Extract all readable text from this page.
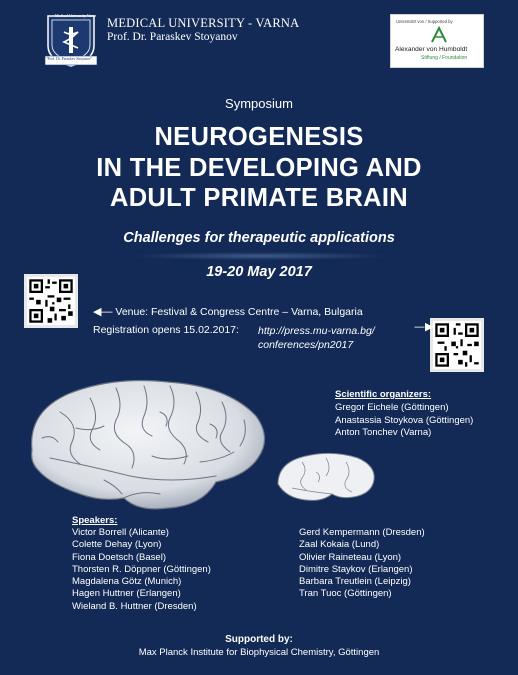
Medical University Varna
"Prof. Dr. Paraskev Stoyanov"
MEDICAL UNIVERSITY - VARNA
Prof. Dr. Paraskev Stoyanov
Unterstützt von / Supported by
Alexander von Humboldt
Stiftung / Foundation
Symposium
NEUROGENESIS
IN THE DEVELOPING AND
ADULT PRIMATE BRAIN
Challenges for therapeutic applications
19-20 May 2017
◀— Venue: Festival & Congress Centre – Varna, Bulgaria
Registration opens 15.02.2017: http://press.mu-varna.bg/
conferences/pn2017
—▶
Scientific organizers:
Gregor Eichele (Göttingen)
Anastassia Stoykova (Göttingen)
Anton Tonchev (Varna)
Speakers:
Victor Borrell (Alicante)
Colette Dehay (Lyon)
Fiona Doetsch (Basel)
Thorsten R. Döppner (Göttingen)
Magdalena Götz (Munich)
Hagen Huttner (Erlangen)
Wieland B. Huttner (Dresden)
Gerd Kempermann (Dresden)
Zaal Kokaia (Lund)
Olivier Raineteau (Lyon)
Dimitre Staykov (Erlangen)
Barbara Treutlein (Leipzig)
Tran Tuoc (Göttingen)
Supported by:
Max Planck Institute for Biophysical Chemistry, Göttingen
